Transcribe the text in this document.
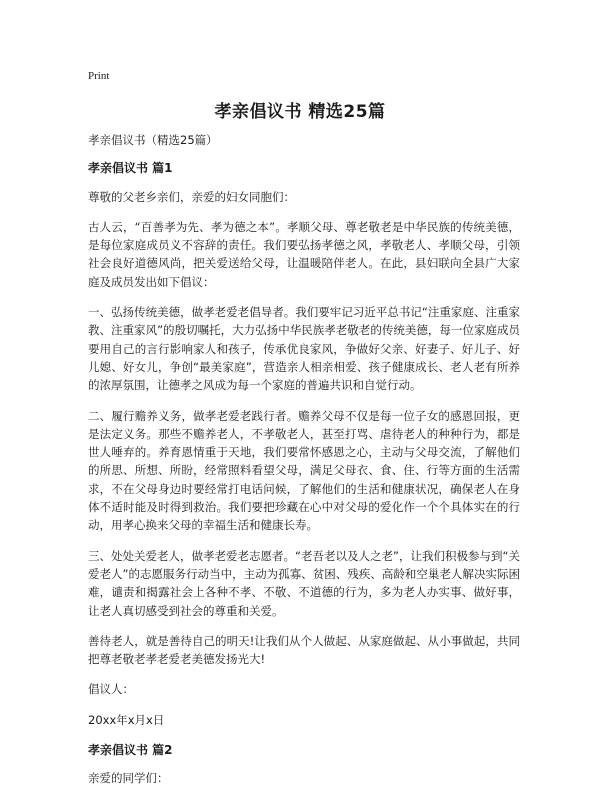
Print
孝亲倡议书 精选25篇

孝亲倡议书（精选25篇）

孝亲倡议书 篇1

尊敬的父老乡亲们，亲爱的妇女同胞们：

古人云，“百善孝为先、孝为德之本”。孝顺父母、尊老敬老是中华民族的传统美德，是每位家庭成员义不容辞的责任。我们要弘扬孝德之风，孝敬老人、孝顺父母，引领社会良好道德风尚，把关爱送给父母，让温暖陪伴老人。在此，县妇联向全县广大家庭及成员发出如下倡议：

一、弘扬传统美德，做孝老爱老倡导者。我们要牢记习近平总书记“注重家庭、注重家教、注重家风”的殷切嘱托，大力弘扬中华民族孝老敬老的传统美德，每一位家庭成员要用自己的言行影响家人和孩子，传承优良家风，争做好父亲、好妻子、好儿子、好儿媳、好女儿，争创“最美家庭”，营造亲人相亲相爱、孩子健康成长、老人老有所养的浓厚氛围，让德孝之风成为每一个家庭的普遍共识和自觉行动。

二、履行赡养义务，做孝老爱老践行者。赡养父母不仅是每一位子女的感恩回报，更是法定义务。那些不赡养老人，不孝敬老人，甚至打骂、虐待老人的种种行为，都是世人唾弃的。养育恩情重于天地，我们要常怀感恩之心，主动与父母交流，了解他们的所思、所想、所盼，经常照料看望父母，满足父母衣、食、住、行等方面的生活需求，不在父母身边时要经常打电话问候，了解他们的生活和健康状况，确保老人在身体不适时能及时得到救治。我们要把珍藏在心中对父母的爱化作一个个具体实在的行动，用孝心换来父母的幸福生活和健康长寿。

三、处处关爱老人，做孝老爱老志愿者。“老吾老以及人之老”，让我们积极参与到“关爱老人”的志愿服务行动当中，主动为孤寡、贫困、残疾、高龄和空巢老人解决实际困难，谴责和揭露社会上各种不孝、不敬、不道德的行为，多为老人办实事、做好事，让老人真切感受到社会的尊重和关爱。

善待老人，就是善待自己的明天!让我们从个人做起、从家庭做起、从小事做起，共同把尊老敬老孝老爱老美德发扬光大!

倡议人：

20xx年x月x日

孝亲倡议书 篇2

亲爱的同学们：
